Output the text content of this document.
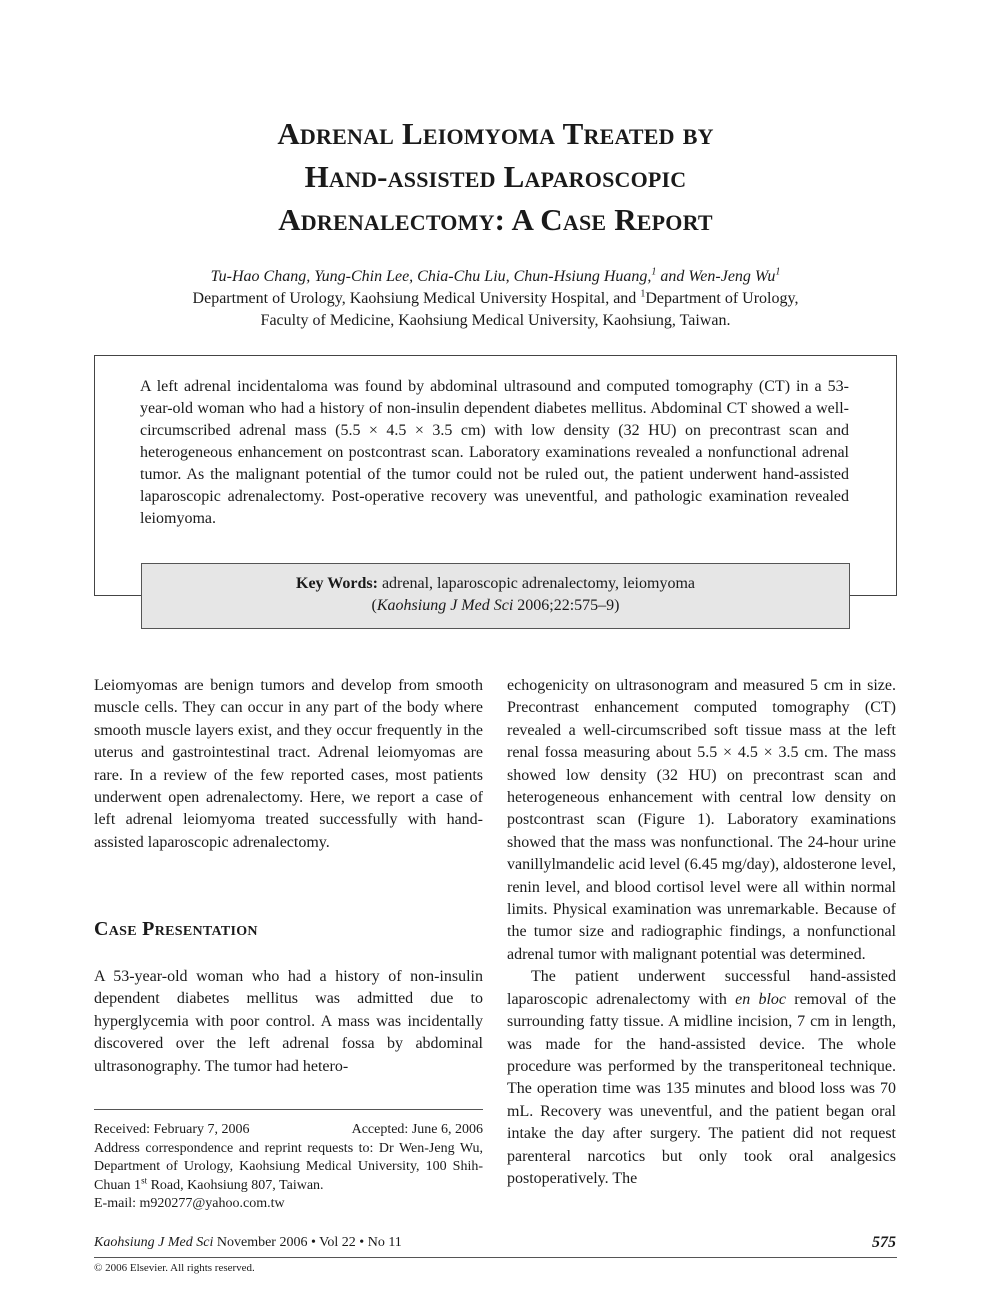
Adrenal Leiomyoma Treated by
Hand-assisted Laparoscopic
Adrenalectomy: A Case Report
Tu-Hao Chang, Yung-Chin Lee, Chia-Chu Liu, Chun-Hsiung Huang,$^1$ and Wen-Jeng Wu$^1$
Department of Urology, Kaohsiung Medical University Hospital, and $^1$Department of Urology,
Faculty of Medicine, Kaohsiung Medical University, Kaohsiung, Taiwan.

A left adrenal incidentaloma was found by abdominal ultrasound and computed tomography (CT) in a 53-year-old woman who had a history of non-insulin dependent diabetes mellitus. Abdominal CT showed a well-circumscribed adrenal mass (5.5 × 4.5 × 3.5 cm) with low density (32 HU) on precontrast scan and heterogeneous enhancement on postcontrast scan. Laboratory examinations revealed a nonfunctional adrenal tumor. As the malignant potential of the tumor could not be ruled out, the patient underwent hand-assisted laparoscopic adrenalectomy. Post-operative recovery was uneventful, and pathologic examination revealed leiomyoma.

Key Words: adrenal, laparoscopic adrenalectomy, leiomyoma
(Kaohsiung J Med Sci 2006;22:575–9)

Leiomyomas are benign tumors and develop from smooth muscle cells. They can occur in any part of the body where smooth muscle layers exist, and they occur frequently in the uterus and gastrointestinal tract. Adrenal leiomyomas are rare. In a review of the few reported cases, most patients underwent open adrenalectomy. Here, we report a case of left adrenal leiomyoma treated successfully with hand-assisted laparoscopic adrenalectomy.

Case Presentation

A 53-year-old woman who had a history of non-insulin dependent diabetes mellitus was admitted due to hyperglycemia with poor control. A mass was incidentally discovered over the left adrenal fossa by abdominal ultrasonography. The tumor had hetero-

echogenicity on ultrasonogram and measured 5 cm in size. Precontrast enhancement computed tomography (CT) revealed a well-circumscribed soft tissue mass at the left renal fossa measuring about 5.5 × 4.5 × 3.5 cm. The mass showed low density (32 HU) on precontrast scan and heterogeneous enhancement with central low density on postcontrast scan (Figure 1). Laboratory examinations showed that the mass was nonfunctional. The 24-hour urine vanillylmandelic acid level (6.45 mg/day), aldosterone level, renin level, and blood cortisol level were all within normal limits. Physical examination was unremarkable. Because of the tumor size and radiographic findings, a nonfunctional adrenal tumor with malignant potential was determined.

The patient underwent successful hand-assisted laparoscopic adrenalectomy with en bloc removal of the surrounding fatty tissue. A midline incision, 7 cm in length, was made for the hand-assisted device. The whole procedure was performed by the transperitoneal technique. The operation time was 135 minutes and blood loss was 70 mL. Recovery was uneventful, and the patient began oral intake the day after surgery. The patient did not request parenteral narcotics but only took oral analgesics postoperatively. The

Received: February 7, 2006	Accepted: June 6, 2006

Address correspondence and reprint requests to: Dr Wen-Jeng Wu, Department of Urology, Kaohsiung Medical University, 100 Shih-Chuan 1st Road, Kaohsiung 807, Taiwan.

E-mail: m920277@yahoo.com.tw

Kaohsiung J Med Sci November 2006 • Vol 22 • No 11	575
© 2006 Elsevier. All rights reserved.
